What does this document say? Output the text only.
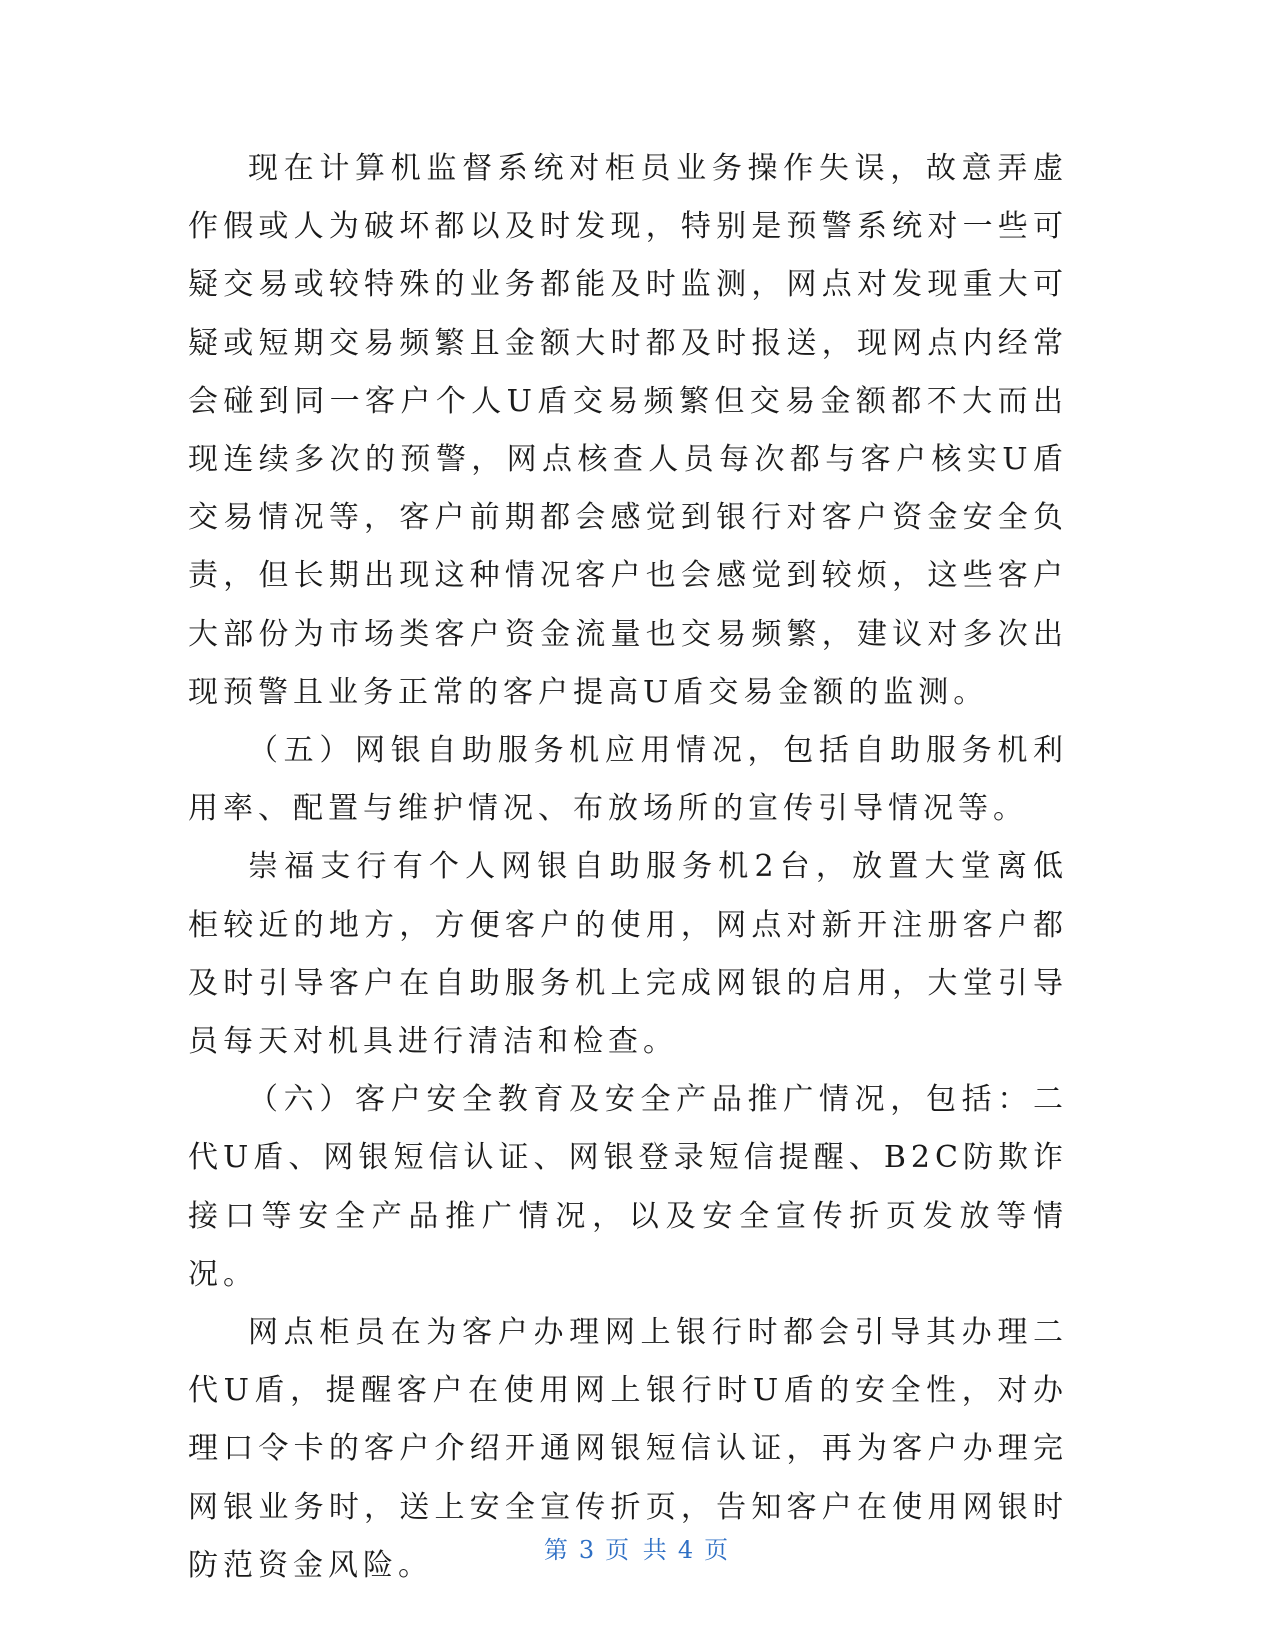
现在计算机监督系统对柜员业务操作失误，故意弄虚作假或人为破坏都以及时发现，特别是预警系统对一些可疑交易或较特殊的业务都能及时监测，网点对发现重大可疑或短期交易频繁且金额大时都及时报送，现网点内经常会碰到同一客户个人U盾交易频繁但交易金额都不大而出现连续多次的预警，网点核查人员每次都与客户核实U盾交易情况等，客户前期都会感觉到银行对客户资金安全负责，但长期出现这种情况客户也会感觉到较烦，这些客户大部份为市场类客户资金流量也交易频繁，建议对多次出现预警且业务正常的客户提高U盾交易金额的监测。

（五）网银自助服务机应用情况，包括自助服务机利用率、配置与维护情况、布放场所的宣传引导情况等。

崇福支行有个人网银自助服务机2台，放置大堂离低柜较近的地方，方便客户的使用，网点对新开注册客户都及时引导客户在自助服务机上完成网银的启用，大堂引导员每天对机具进行清洁和检查。

（六）客户安全教育及安全产品推广情况，包括：二代U盾、网银短信认证、网银登录短信提醒、B2C防欺诈接口等安全产品推广情况，以及安全宣传折页发放等情况。

网点柜员在为客户办理网上银行时都会引导其办理二代U盾，提醒客户在使用网上银行时U盾的安全性，对办理口令卡的客户介绍开通网银短信认证，再为客户办理完网银业务时，送上安全宣传折页，告知客户在使用网银时防范资金风险。	第 3 页 共 4 页
